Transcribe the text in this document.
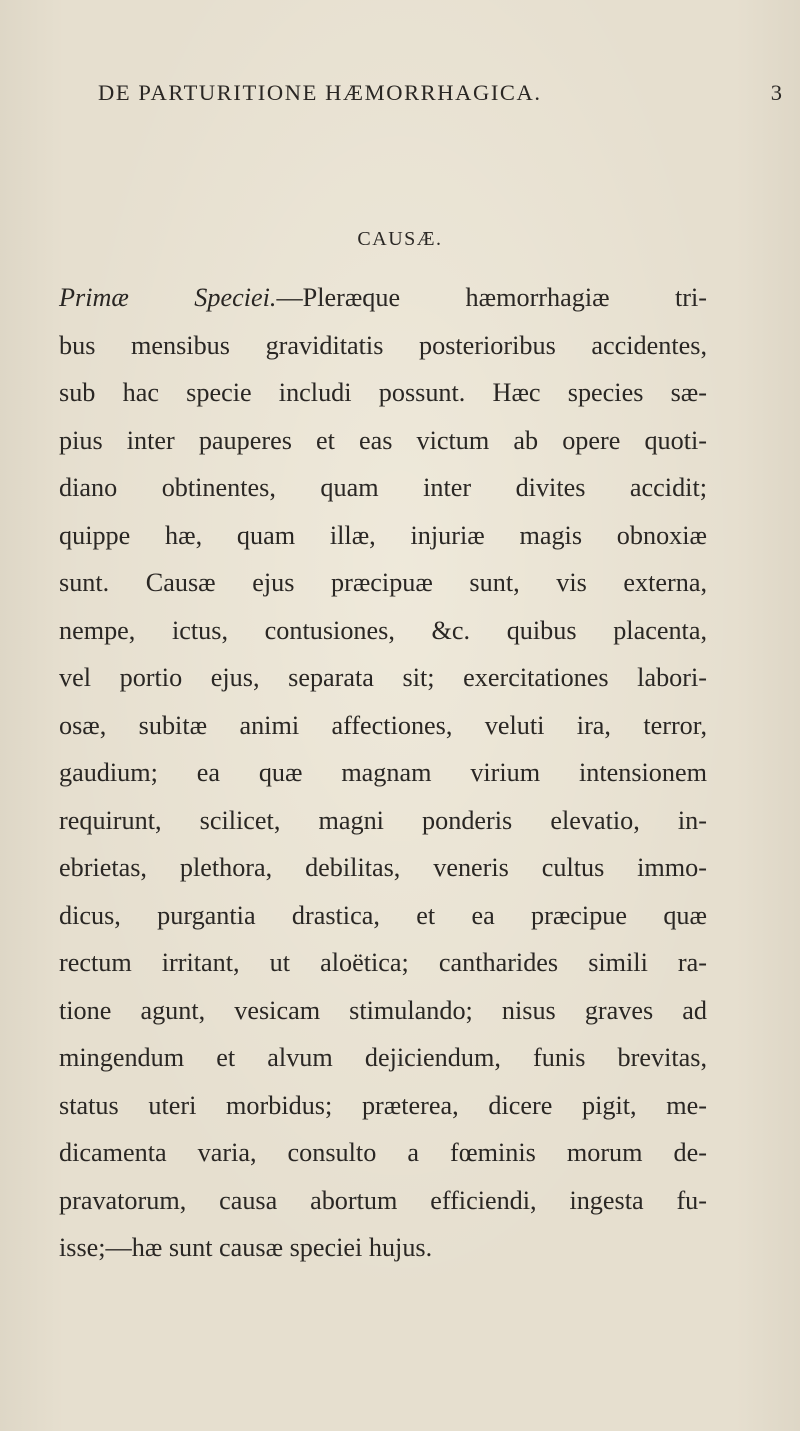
DE PARTURITIONE HÆMORRHAGICA.	3
CAUSÆ.
Primæ Speciei.—Pleræque hæmorrhagiæ tri-
bus mensibus graviditatis posterioribus accidentes,
sub hac specie includi possunt. Hæc species sæ-
pius inter pauperes et eas victum ab opere quoti-
diano obtinentes, quam inter divites accidit;
quippe hæ, quam illæ, injuriæ magis obnoxiæ
sunt. Causæ ejus præcipuæ sunt, vis externa,
nempe, ictus, contusiones, &c. quibus placenta,
vel portio ejus, separata sit; exercitationes labori-
osæ, subitæ animi affectiones, veluti ira, terror,
gaudium; ea quæ magnam virium intensionem
requirunt, scilicet, magni ponderis elevatio, in-
ebrietas, plethora, debilitas, veneris cultus immo-
dicus, purgantia drastica, et ea præcipue quæ
rectum irritant, ut aloëtica; cantharides simili ra-
tione agunt, vesicam stimulando; nisus graves ad
mingendum et alvum dejiciendum, funis brevitas,
status uteri morbidus; præterea, dicere pigit, me-
dicamenta varia, consulto a fœminis morum de-
pravatorum, causa abortum efficiendi, ingesta fu-
isse;—hæ sunt causæ speciei hujus.
